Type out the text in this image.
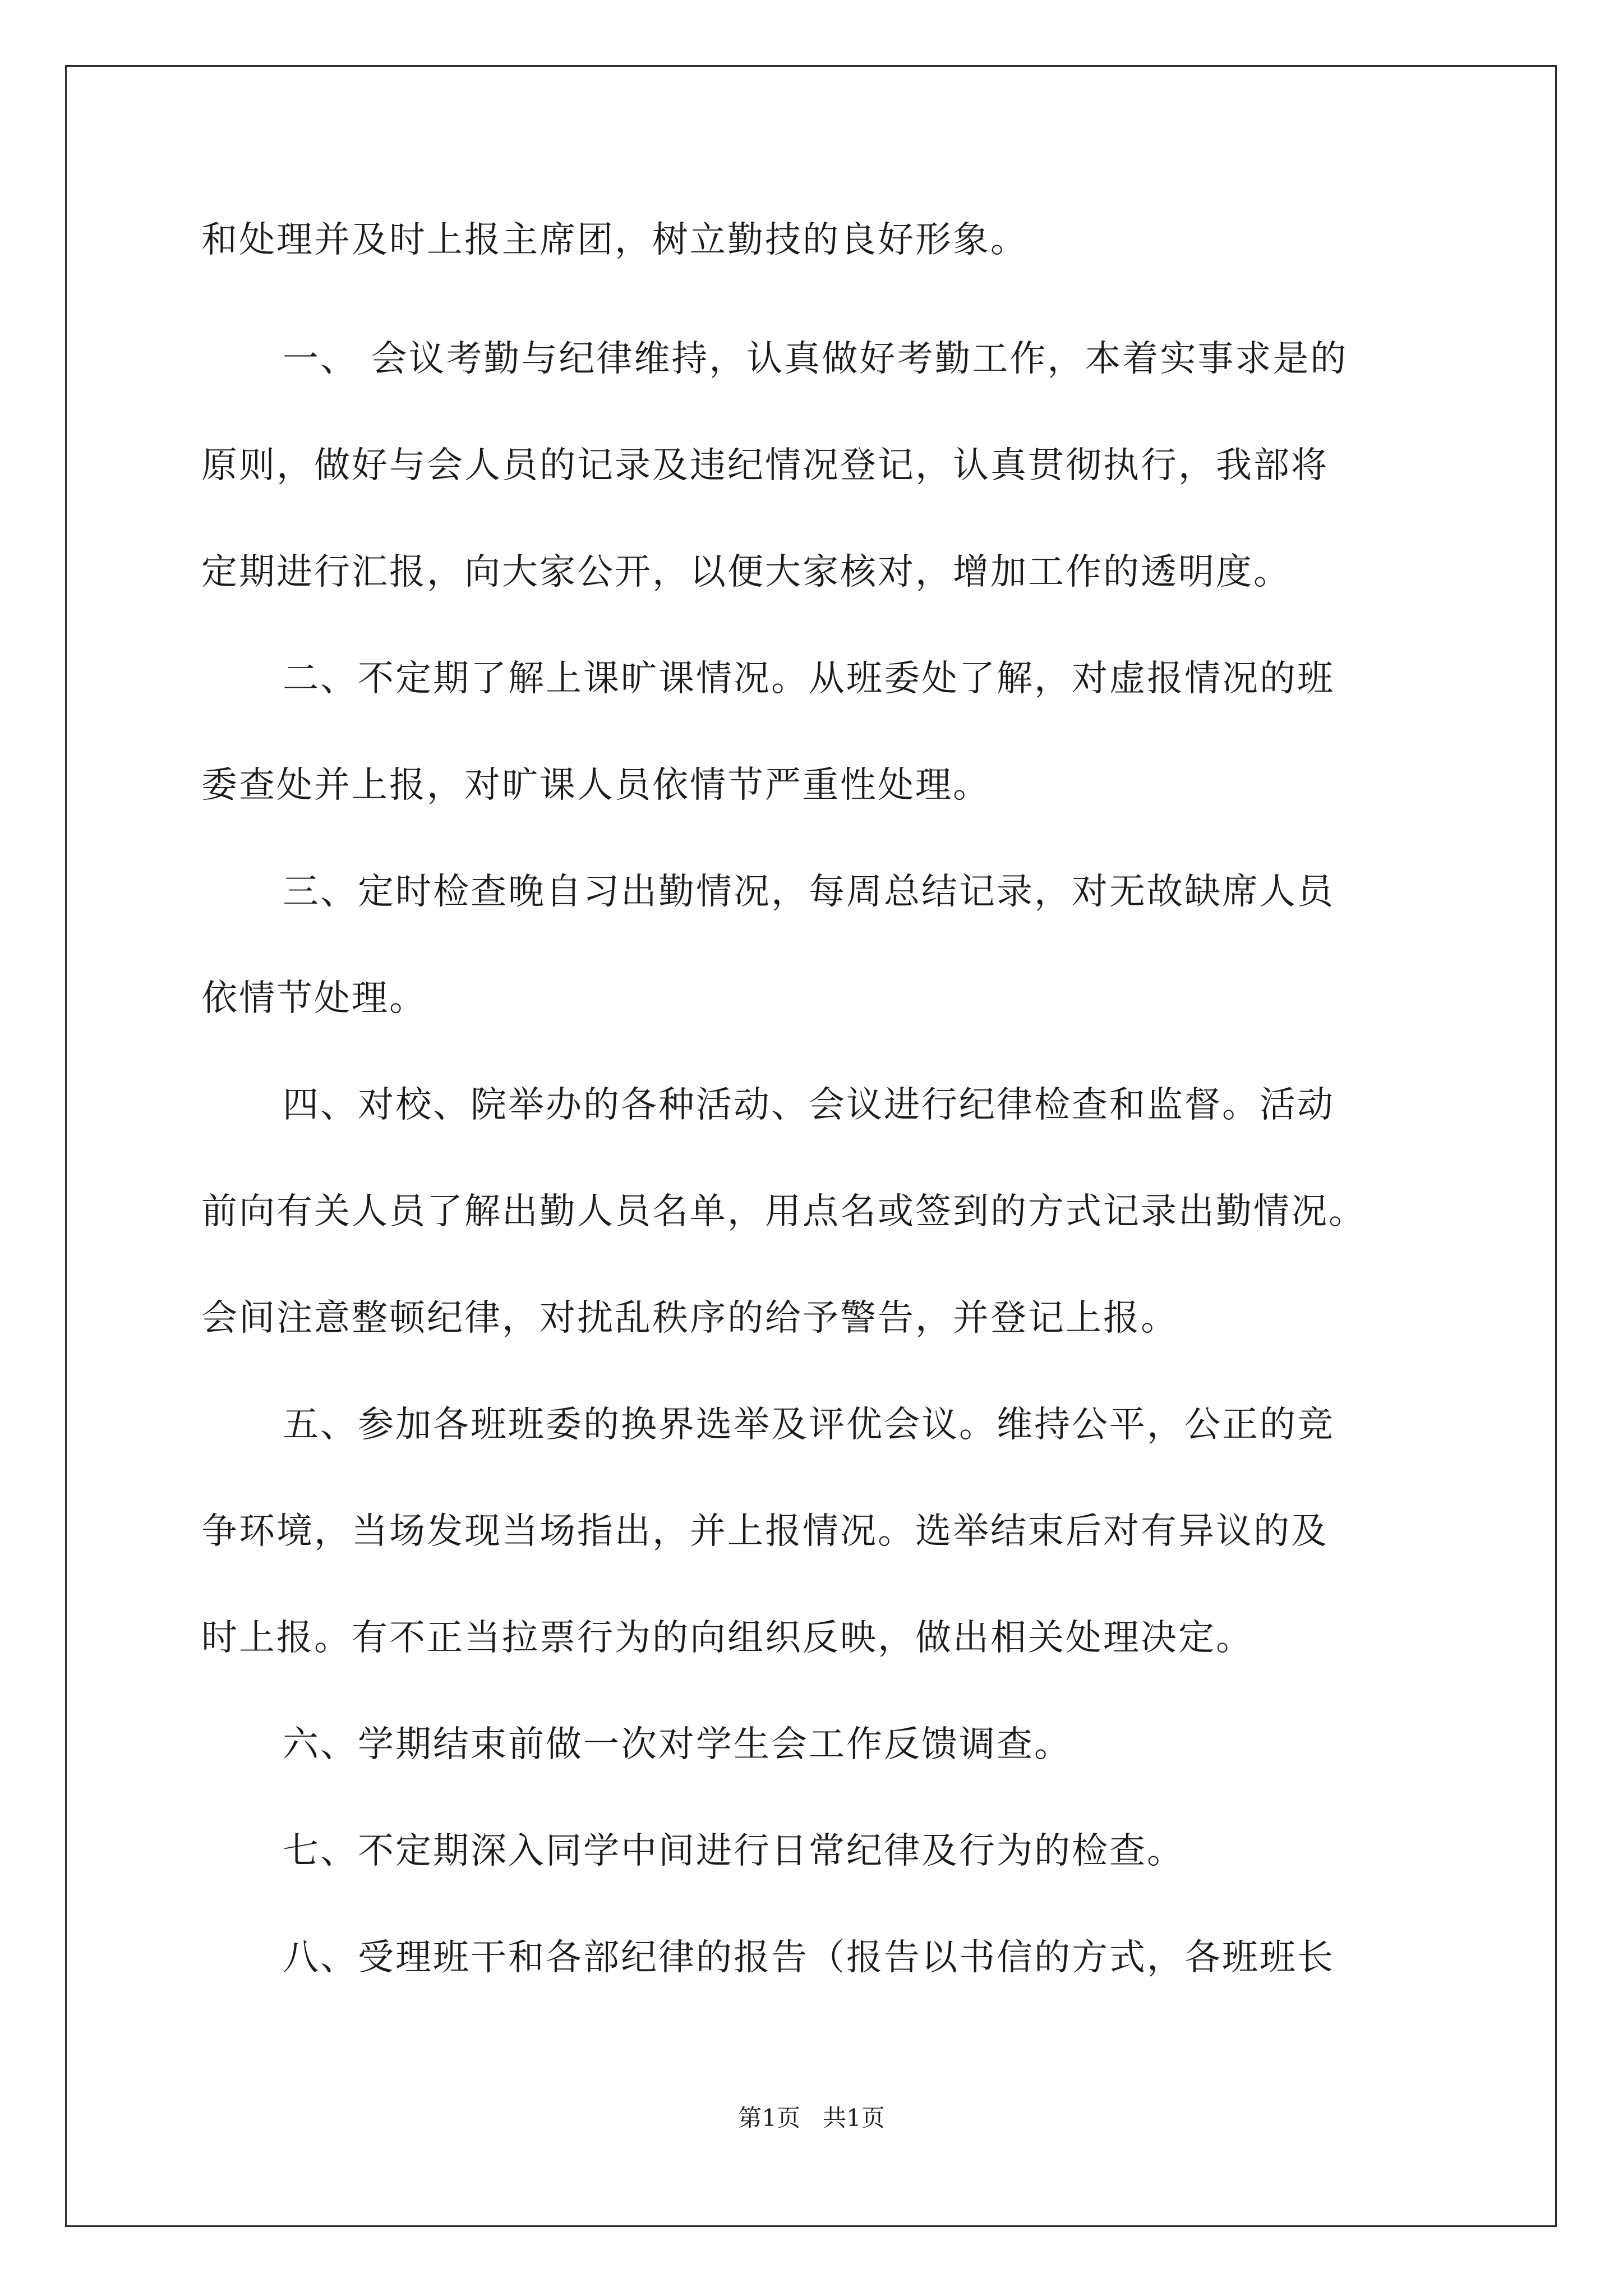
和处理并及时上报主席团，树立勤技的良好形象。
一、 会议考勤与纪律维持，认真做好考勤工作，本着实事求是的
原则，做好与会人员的记录及违纪情况登记，认真贯彻执行，我部将
定期进行汇报，向大家公开，以便大家核对，增加工作的透明度。
二、不定期了解上课旷课情况。从班委处了解，对虚报情况的班
委查处并上报，对旷课人员依情节严重性处理。
三、定时检查晚自习出勤情况，每周总结记录，对无故缺席人员
依情节处理。
四、对校、院举办的各种活动、会议进行纪律检查和监督。活动
前向有关人员了解出勤人员名单，用点名或签到的方式记录出勤情况。
会间注意整顿纪律，对扰乱秩序的给予警告，并登记上报。
五、参加各班班委的换界选举及评优会议。维持公平，公正的竞
争环境，当场发现当场指出，并上报情况。选举结束后对有异议的及
时上报。有不正当拉票行为的向组织反映，做出相关处理决定。
六、学期结束前做一次对学生会工作反馈调查。
七、不定期深入同学中间进行日常纪律及行为的检查。
八、受理班干和各部纪律的报告（报告以书信的方式，各班班长
第1页   共1页
